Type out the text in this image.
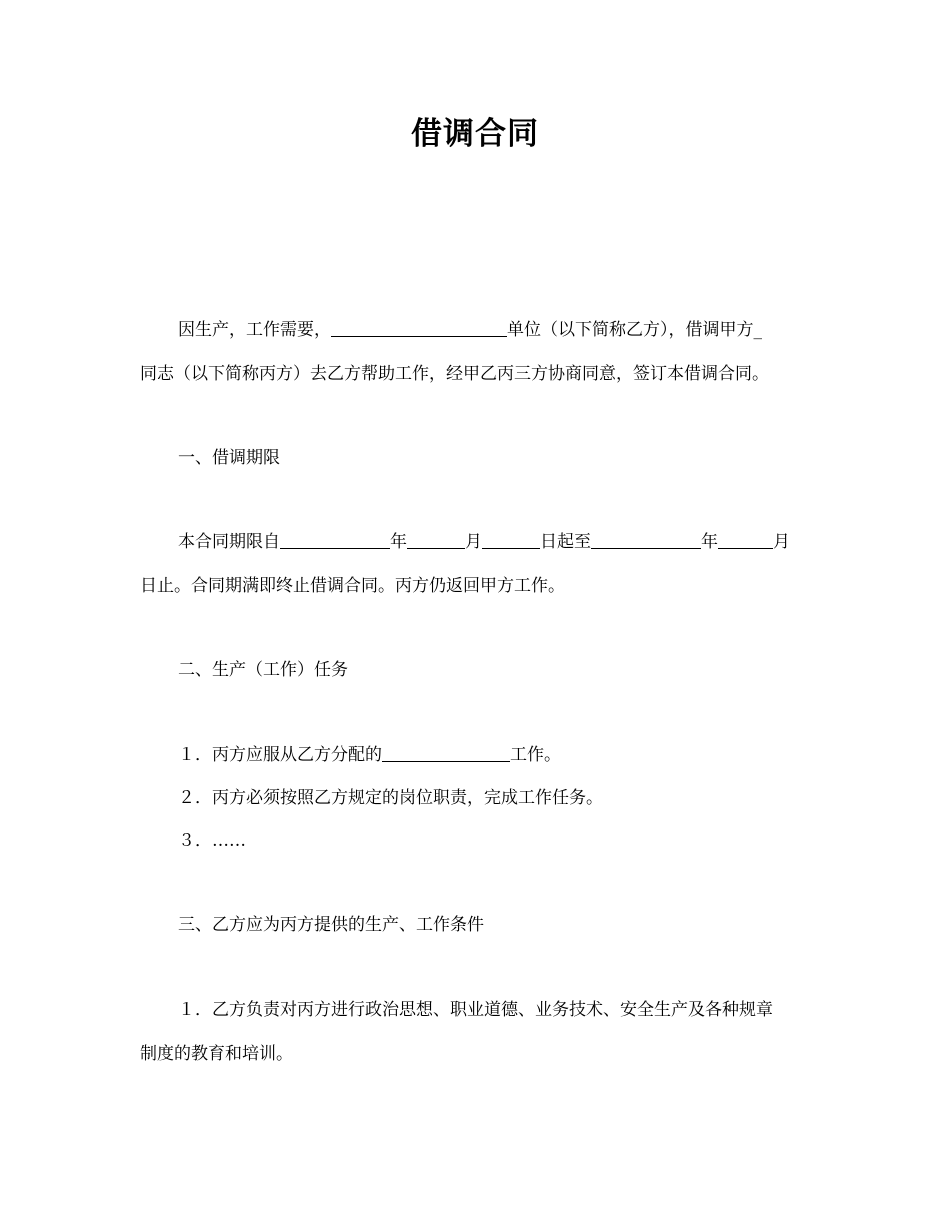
借调合同
因生产，工作需要，	单位（以下简称乙方），借调甲方_
同志（以下简称丙方）去乙方帮助工作，经甲乙丙三方协商同意，签订本借调合同。
一、借调期限
本合同期限自	年	月	日起至	年	月
日止。合同期满即终止借调合同。丙方仍返回甲方工作。
二、生产（工作）任务
１．丙方应服从乙方分配的	工作。
２．丙方必须按照乙方规定的岗位职责，完成工作任务。
３．……
三、乙方应为丙方提供的生产、工作条件
１．乙方负责对丙方进行政治思想、职业道德、业务技术、安全生产及各种规章
制度的教育和培训。
